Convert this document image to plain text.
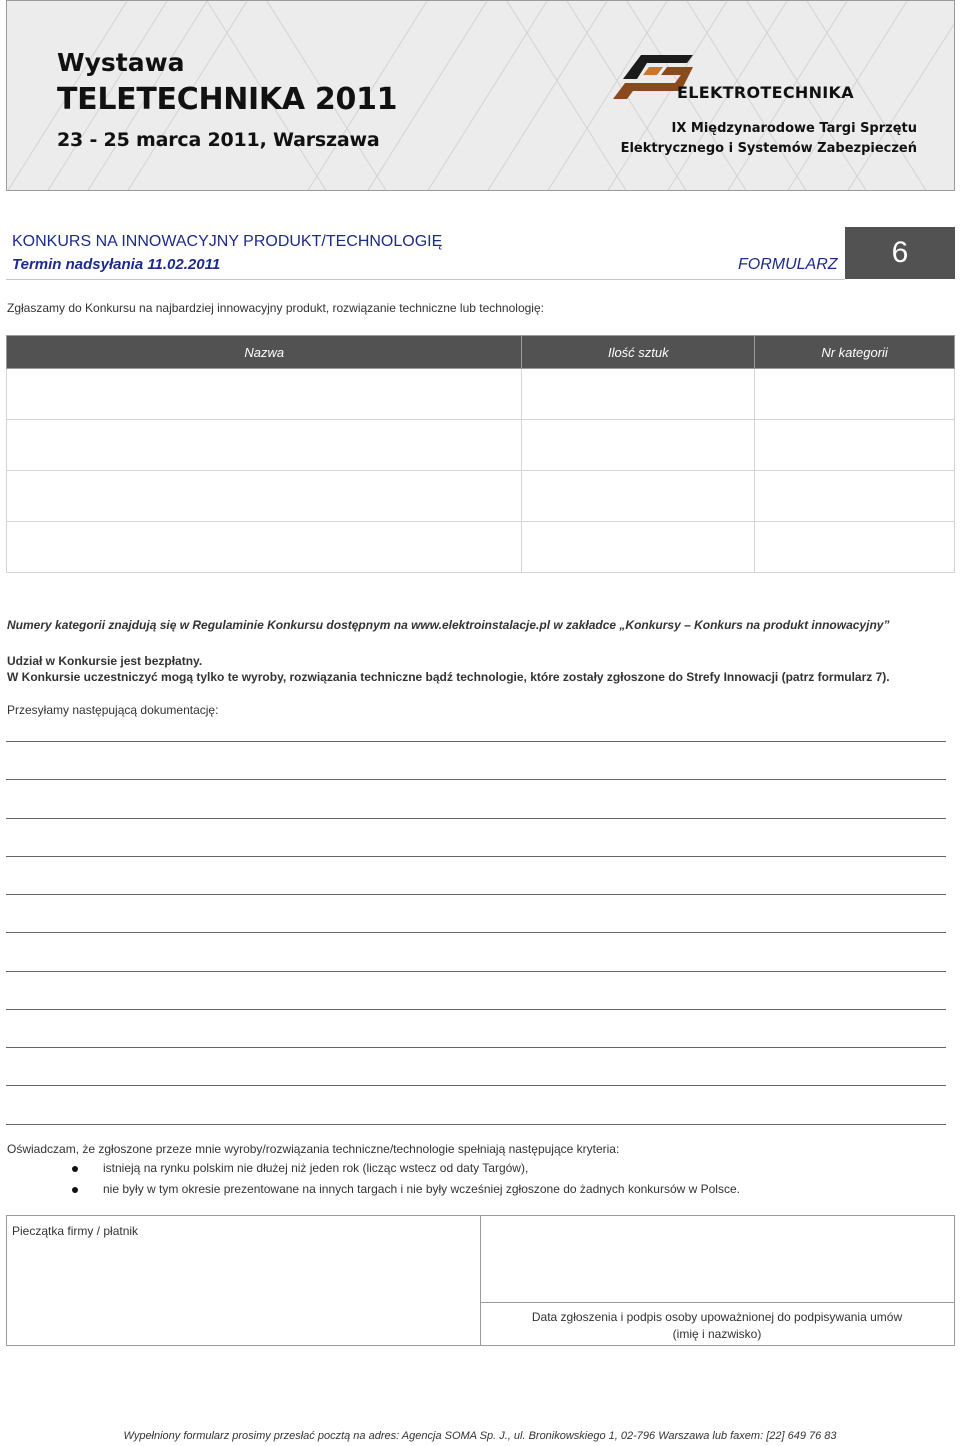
Wystawa
TELETECHNIKA 2011
23 - 25 marca 2011, Warszawa
ELEKTROTECHNIKA
IX Międzynarodowe Targi Sprzętu
Elektrycznego i Systemów Zabezpieczeń
KONKURS NA INNOWACYJNY PRODUKT/TECHNOLOGIĘ
Termin nadsyłania 11.02.2011	FORMULARZ	6
Zgłaszamy do Konkursu na najbardziej innowacyjny produkt, rozwiązanie techniczne lub technologię:
Nazwa	Ilość sztuk	Nr kategorii

Numery kategorii znajdują się w Regulaminie Konkursu dostępnym na www.elektroinstalacje.pl w zakładce „Konkursy – Konkurs na produkt innowacyjny”
Udział w Konkursie jest bezpłatny.
W Konkursie uczestniczyć mogą tylko te wyroby, rozwiązania techniczne bądź technologie, które zostały zgłoszone do Strefy Innowacji (patrz formularz 7).
Przesyłamy następującą dokumentację:
Oświadczam, że zgłoszone przeze mnie wyroby/rozwiązania techniczne/technologie spełniają następujące kryteria:
istnieją na rynku polskim nie dłużej niż jeden rok (licząc wstecz od daty Targów),
nie były w tym okresie prezentowane na innych targach i nie były wcześniej zgłoszone do żadnych konkursów w Polsce.
Pieczątka firmy / płatnik
Data zgłoszenia i podpis osoby upoważnionej do podpisywania umów
(imię i nazwisko)
Wypełniony formularz prosimy przesłać pocztą na adres: Agencja SOMA Sp. J., ul. Bronikowskiego 1, 02-796 Warszawa lub faxem: [22] 649 76 83
